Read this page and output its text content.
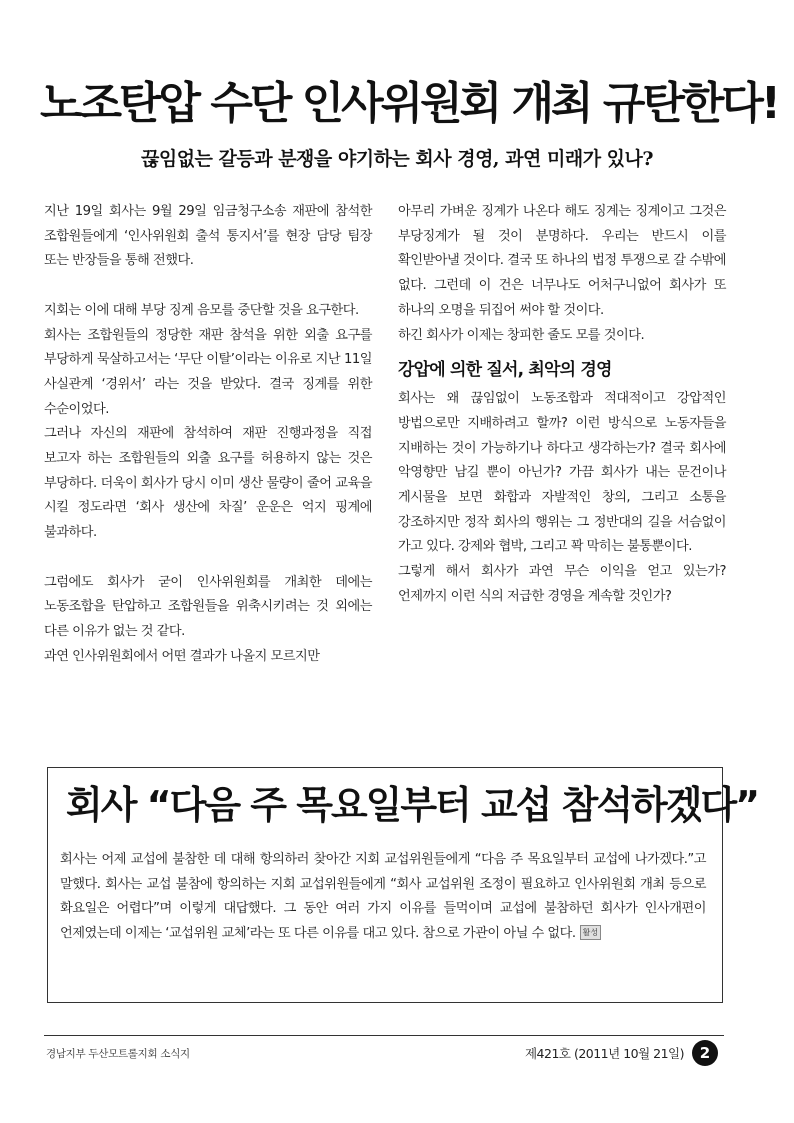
노조탄압 수단 인사위원회 개최 규탄한다!
끊임없는 갈등과 분쟁을 야기하는 회사 경영, 과연 미래가 있나?

지난 19일 회사는 9월 29일 임금청구소송 재판에 참석한 조합원들에게 ‘인사위원회 출석 통지서’를 현장 담당 팀장 또는 반장들을 통해 전했다.

지회는 이에 대해 부당 징계 음모를 중단할 것을 요구한다.

회사는 조합원들의 정당한 재판 참석을 위한 외출 요구를 부당하게 묵살하고서는 ‘무단 이탈’이라는 이유로 지난 11일 사실관계 ‘경위서’ 라는 것을 받았다. 결국 징계를 위한 수순이었다.

그러나 자신의 재판에 참석하여 재판 진행과정을 직접 보고자 하는 조합원들의 외출 요구를 허용하지 않는 것은 부당하다. 더욱이 회사가 당시 이미 생산 물량이 줄어 교육을 시킬 정도라면 ‘회사 생산에 차질’ 운운은 억지 핑계에 불과하다.

그럼에도 회사가 굳이 인사위원회를 개최한 데에는 노동조합을 탄압하고 조합원들을 위축시키려는 것 외에는 다른 이유가 없는 것 같다.

과연 인사위원회에서 어떤 결과가 나올지 모르지만

아무리 가벼운 징계가 나온다 해도 징계는 징계이고 그것은 부당징계가 될 것이 분명하다. 우리는 반드시 이를 확인받아낼 것이다. 결국 또 하나의 법정 투쟁으로 갈 수밖에 없다. 그런데 이 건은 너무나도 어처구니없어 회사가 또 하나의 오명을 뒤집어 써야 할 것이다.

하긴 회사가 이제는 창피한 줄도 모를 것이다.

강압에 의한 질서, 최악의 경영

회사는 왜 끊임없이 노동조합과 적대적이고 강압적인 방법으로만 지배하려고 할까? 이런 방식으로 노동자들을 지배하는 것이 가능하기나 하다고 생각하는가? 결국 회사에 악영향만 남길 뿐이 아닌가? 가끔 회사가 내는 문건이나 게시물을 보면 화합과 자발적인 창의, 그리고 소통을 강조하지만 정작 회사의 행위는 그 정반대의 길을 서슴없이 가고 있다. 강제와 협박, 그리고 꽉 막히는 불통뿐이다.

그렇게 해서 회사가 과연 무슨 이익을 얻고 있는가? 언제까지 이런 식의 저급한 경영을 계속할 것인가?

회사 “다음 주 목요일부터 교섭 참석하겠다”
회사는 어제 교섭에 불참한 데 대해 항의하러 찾아간 지회 교섭위원들에게 “다음 주 목요일부터 교섭에 나가겠다.”고 말했다. 회사는 교섭 불참에 항의하는 지회 교섭위원들에게 “회사 교섭위원 조정이 필요하고 인사위원회 개최 등으로 화요일은 어렵다”며 이렇게 대답했다. 그 동안 여러 가지 이유를 들먹이며 교섭에 불참하던 회사가 인사개편이 언제였는데 이제는 ‘교섭위원 교체’라는 또 다른 이유를 대고 있다. 참으로 가관이 아닐 수 없다. 활성
경남지부 두산모트롤지회 소식지	제421호 (2011년 10월 21일)	2
